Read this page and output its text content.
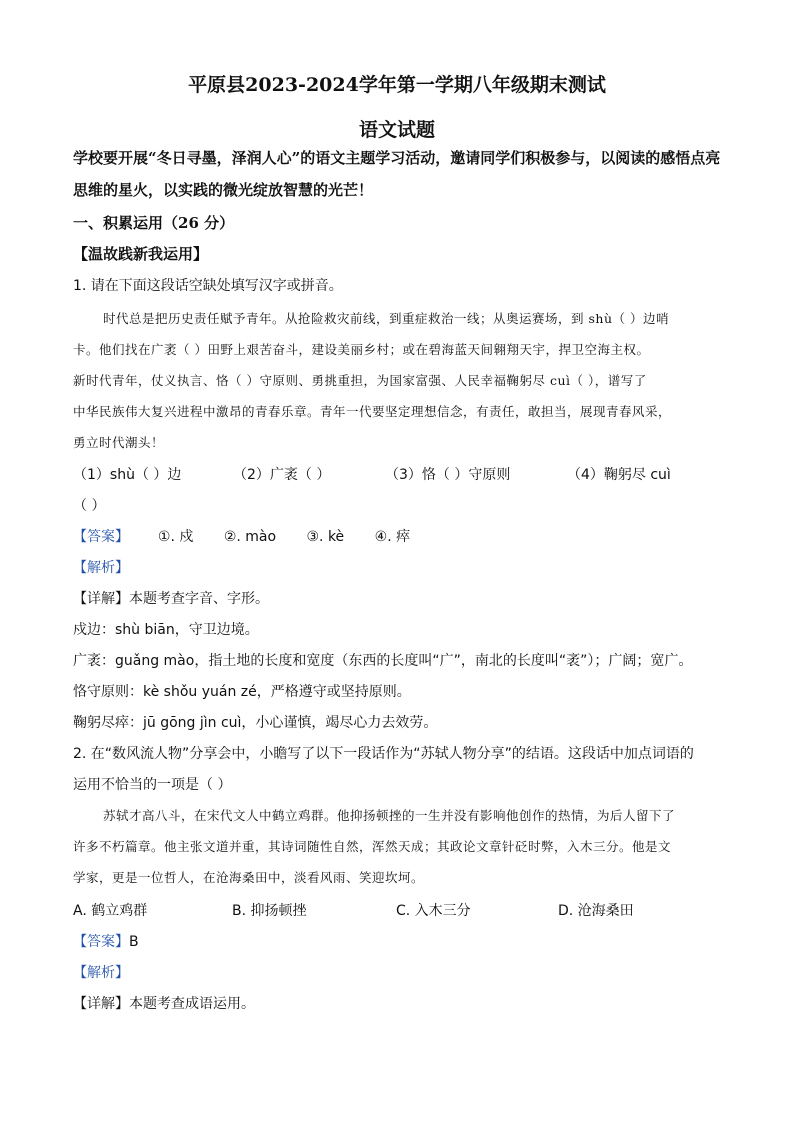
平原县2023-2024学年第一学期八年级期末测试
语文试题
学校要开展“冬日寻墨，泽润人心”的语文主题学习活动，邀请同学们积极参与，以阅读的感悟点亮思维的星火，以实践的微光绽放智慧的光芒！
一、积累运用（26 分）
【温故践新我运用】
1. 请在下面这段话空缺处填写汉字或拼音。
时代总是把历史责任赋予青年。从抢险救灾前线，到重症救治一线；从奥运赛场，到 shù（ ）边哨
卡。他们找在广袤（ ）田野上艰苦奋斗，建设美丽乡村；或在碧海蓝天间翱翔天宇，捍卫空海主权。
新时代青年，仗义执言、恪（ ）守原则、勇挑重担，为国家富强、人民幸福鞠躬尽 cuì（ ），谱写了
中华民族伟大复兴进程中激昂的青春乐章。青年一代要坚定理想信念，有责任，敢担当，展现青春风采，
勇立时代潮头！
（1）shù（ ）边	（2）广袤（ ）	（3）恪（ ）守原则	（4）鞠躬尽 cuì
（ ）
【答案】 ①. 戍 ②. mào ③. kè ④. 瘁
【解析】
【详解】本题考查字音、字形。
戍边：shù biān，守卫边境。
广袤：guǎng mào，指土地的长度和宽度（东西的长度叫“广”，南北的长度叫“袤”）；广阔；宽广。
恪守原则：kè shǒu yuán zé，严格遵守或坚持原则。
鞠躬尽瘁：jū gōng jìn cuì，小心谨慎，竭尽心力去效劳。
2. 在“数风流人物”分享会中，小瞻写了以下一段话作为“苏轼人物分享”的结语。这段话中加点词语的
运用不恰当的一项是（ ）
苏轼才高八斗，在宋代文人中鹤立鸡群。他抑扬顿挫的一生并没有影响他创作的热情，为后人留下了
许多不朽篇章。他主张文道并重，其诗词随性自然，浑然天成；其政论文章针砭时弊，入木三分。他是文
学家，更是一位哲人，在沧海桑田中，淡看风雨、笑迎坎坷。
A. 鹤立鸡群	B. 抑扬顿挫	C. 入木三分	D. 沧海桑田
【答案】B
【解析】
【详解】本题考查成语运用。
